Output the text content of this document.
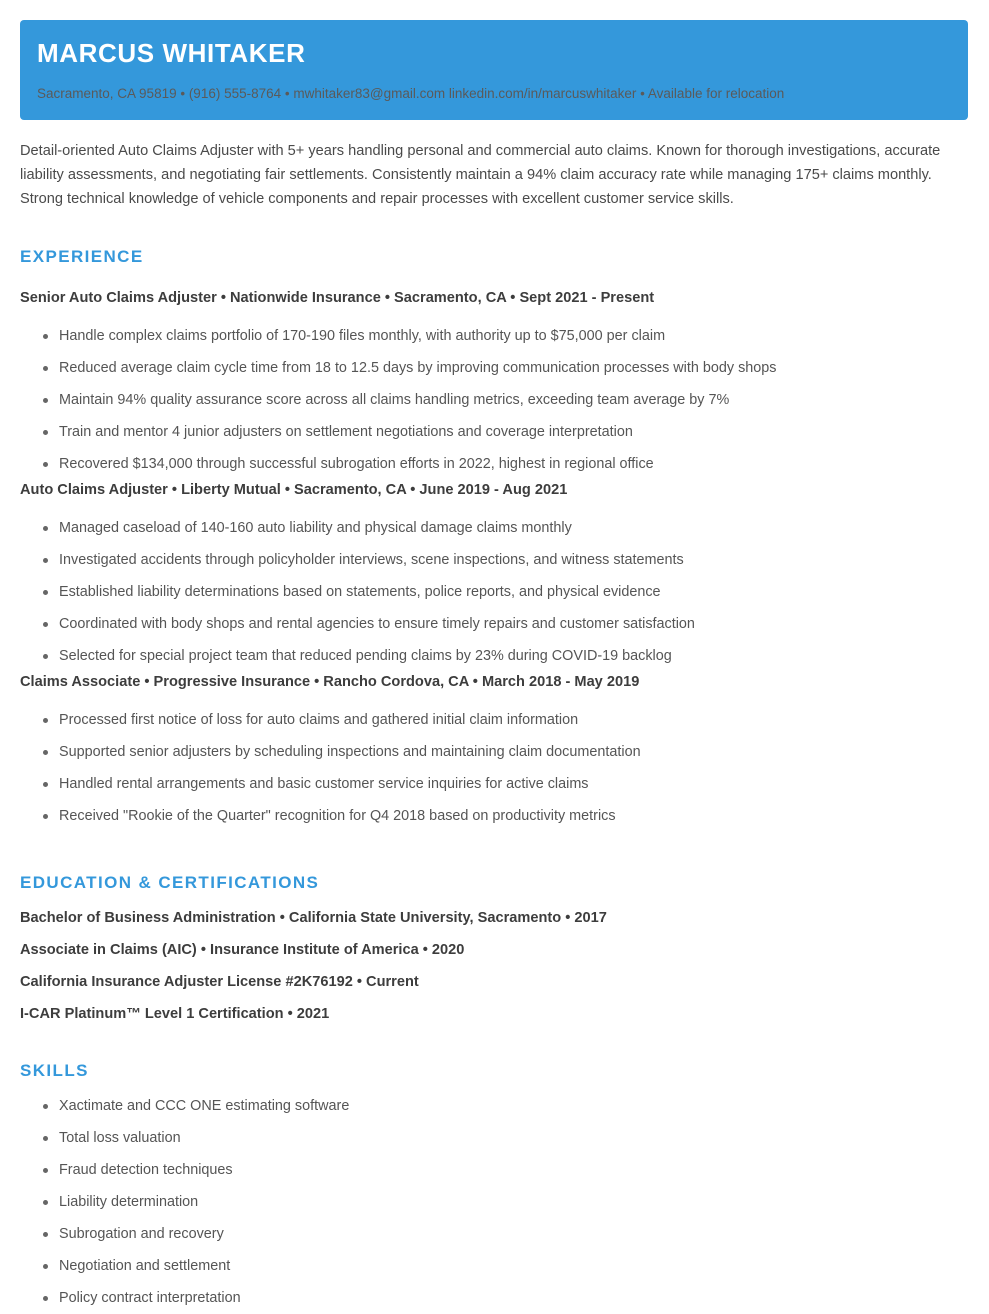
MARCUS WHITAKER
Sacramento, CA 95819 • (916) 555-8764 • mwhitaker83@gmail.com linkedin.com/in/marcuswhitaker • Available for relocation

Detail-oriented Auto Claims Adjuster with 5+ years handling personal and commercial auto claims. Known for thorough investigations, accurate liability assessments, and negotiating fair settlements. Consistently maintain a 94% claim accuracy rate while managing 175+ claims monthly. Strong technical knowledge of vehicle components and repair processes with excellent customer service skills.

EXPERIENCE
Senior Auto Claims Adjuster • Nationwide Insurance • Sacramento, CA • Sept 2021 - Present
Handle complex claims portfolio of 170-190 files monthly, with authority up to $75,000 per claim
Reduced average claim cycle time from 18 to 12.5 days by improving communication processes with body shops
Maintain 94% quality assurance score across all claims handling metrics, exceeding team average by 7%
Train and mentor 4 junior adjusters on settlement negotiations and coverage interpretation
Recovered $134,000 through successful subrogation efforts in 2022, highest in regional office
Auto Claims Adjuster • Liberty Mutual • Sacramento, CA • June 2019 - Aug 2021
Managed caseload of 140-160 auto liability and physical damage claims monthly
Investigated accidents through policyholder interviews, scene inspections, and witness statements
Established liability determinations based on statements, police reports, and physical evidence
Coordinated with body shops and rental agencies to ensure timely repairs and customer satisfaction
Selected for special project team that reduced pending claims by 23% during COVID-19 backlog
Claims Associate • Progressive Insurance • Rancho Cordova, CA • March 2018 - May 2019
Processed first notice of loss for auto claims and gathered initial claim information
Supported senior adjusters by scheduling inspections and maintaining claim documentation
Handled rental arrangements and basic customer service inquiries for active claims
Received "Rookie of the Quarter" recognition for Q4 2018 based on productivity metrics
EDUCATION & CERTIFICATIONS
Bachelor of Business Administration • California State University, Sacramento • 2017
Associate in Claims (AIC) • Insurance Institute of America • 2020
California Insurance Adjuster License #2K76192 • Current
I-CAR Platinum™ Level 1 Certification • 2021
SKILLS
Xactimate and CCC ONE estimating software
Total loss valuation
Fraud detection techniques
Liability determination
Subrogation and recovery
Negotiation and settlement
Policy contract interpretation
